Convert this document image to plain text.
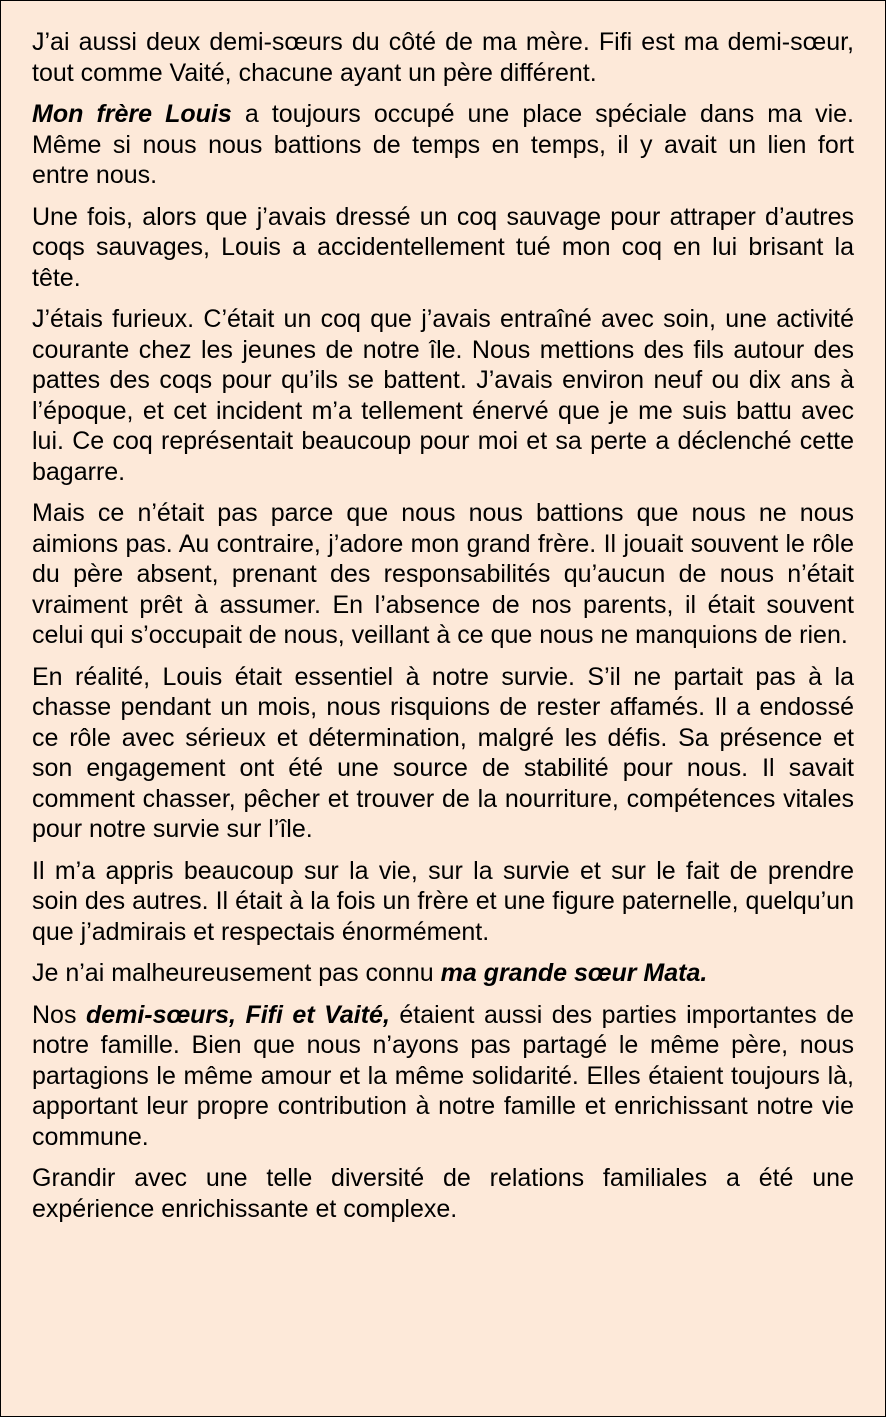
J’ai aussi deux demi-sœurs du côté de ma mère. Fifi est ma demi-sœur, tout comme Vaité, chacune ayant un père différent.

Mon frère Louis a toujours occupé une place spéciale dans ma vie. Même si nous nous battions de temps en temps, il y avait un lien fort entre nous.

Une fois, alors que j’avais dressé un coq sauvage pour attraper d’autres coqs sauvages, Louis a accidentellement tué mon coq en lui brisant la tête.

J’étais furieux. C’était un coq que j’avais entraîné avec soin, une activité courante chez les jeunes de notre île. Nous mettions des fils autour des pattes des coqs pour qu’ils se battent. J’avais environ neuf ou dix ans à l’époque, et cet incident m’a tellement énervé que je me suis battu avec lui. Ce coq représentait beaucoup pour moi et sa perte a déclenché cette bagarre.

Mais ce n’était pas parce que nous nous battions que nous ne nous aimions pas. Au contraire, j’adore mon grand frère. Il jouait souvent le rôle du père absent, prenant des responsabilités qu’aucun de nous n’était vraiment prêt à assumer. En l’absence de nos parents, il était souvent celui qui s’occupait de nous, veillant à ce que nous ne manquions de rien.

En réalité, Louis était essentiel à notre survie. S’il ne partait pas à la chasse pendant un mois, nous risquions de rester affamés. Il a endossé ce rôle avec sérieux et détermination, malgré les défis. Sa présence et son engagement ont été une source de stabilité pour nous. Il savait comment chasser, pêcher et trouver de la nourriture, compétences vitales pour notre survie sur l’île.

Il m’a appris beaucoup sur la vie, sur la survie et sur le fait de prendre soin des autres. Il était à la fois un frère et une figure paternelle, quelqu’un que j’admirais et respectais énormément.

Je n’ai malheureusement pas connu ma grande sœur Mata.

Nos demi-sœurs, Fifi et Vaité, étaient aussi des parties importantes de notre famille. Bien que nous n’ayons pas partagé le même père, nous partagions le même amour et la même solidarité. Elles étaient toujours là, apportant leur propre contribution à notre famille et enrichissant notre vie commune.

Grandir avec une telle diversité de relations familiales a été une expérience enrichissante et complexe.
